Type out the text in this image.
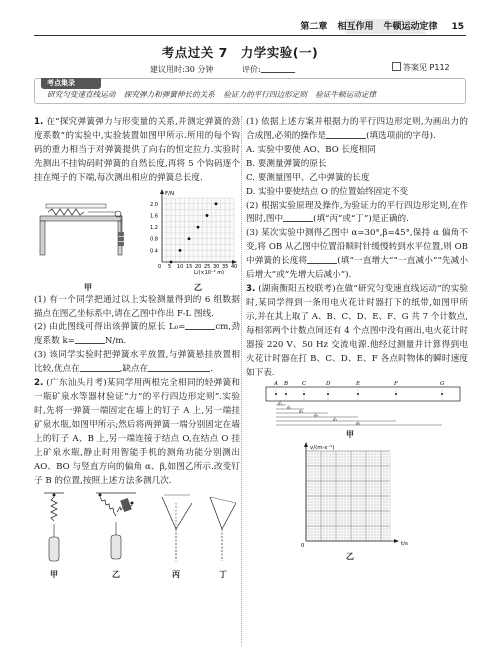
第二章 相互作用 牛顿运动定律 15
考点过关 7　力学实验(一)
建议用时:30 分钟	评价:	答案见 P112
考点集录
研究匀变速直线运动 探究弹力和弹簧伸长的关系 验证力的平行四边形定则 验证牛顿运动定律

1. 在“探究弹簧弹力与形变量的关系,并测定弹簧的劲度系数”的实验中,实验装置如图甲所示.所用的每个钩码的重力相当于对弹簧提供了向右的恒定拉力.实验时先测出不挂钩码时弹簧的自然长度,再将 5 个钩码逐个挂在绳子的下端,每次测出相应的弹簧总长度.

F/N
L/(×10⁻² m)
0 5 10 15 20 25 30 35 40
0.4
0.8
1.2
1.6
2.0
甲	乙

(1) 有一个同学把通过以上实验测量得到的 6 组数据描点在图乙坐标系中,请在乙图中作出 F-L 图线.

(2) 由此图线可得出该弹簧的原长 L₀=	cm,劲度系数 k=	N/m.

(3) 该同学实验时把弹簧水平放置,与弹簧悬挂放置相比较,优点在	,缺点在	.

2. (广东汕头月考)某同学用两根完全相同的轻弹簧和一瓶矿泉水等器材验证“力”的平行四边形定则”.实验时,先将一弹簧一端固定在墙上的钉子 A 上,另一端挂矿泉水瓶,如图甲所示;然后将两弹簧一端分别固定在墙上的钉子 A、B 上,另一端连接于结点 O,在结点 O 挂上矿泉水瓶,静止时用智能手机的测角功能分别测出 AO、BO 与竖直方向的偏角 α、β,如图乙所示.改变钉子 B 的位置,按照上述方法多测几次.

甲	乙	丙	丁

(1) 依据上述方案并根据力的平行四边形定则,为画出力的合成图,必须的操作是	(填选项前的字母).

A. 实验中要使 AO、BO 长度相同

B. 要测量弹簧的原长

C. 要测量图甲、乙中弹簧的长度

D. 实验中要使结点 O 的位置始终固定不变

(2) 根据实验原理及操作,为验证力的平行四边形定则,在作图时,图中	(填“丙”或“丁”)是正确的.

(3) 某次实验中测得乙图中 α=30°,β=45°,保持 α 偏角不变,将 OB 从乙图中位置沿顺时针缓慢转到水平位置,则 OB 中弹簧的长度将	(填“一直增大”“一直减小”“先减小后增大”或“先增大后减小”).

3. (湖南衡阳五校联考)在做“研究匀变速直线运动”的实验时,某同学得到一条用电火花计时器打下的纸带,如图甲所示,并在其上取了 A、B、C、D、E、F、G 共 7 个计数点,每相邻两个计数点间还有 4 个点图中没有画出,电火花计时器接 220 V、50 Hz 交流电源.他经过测量并计算得到电火花计时器在打 B、C、D、E、F 各点时物体的瞬时速度如下表.

A B	C	D	E	F	G
d₁
d₂
d₃
d₄
d₅
d₆
甲
v/(m·s⁻¹)
t/s
0
乙
